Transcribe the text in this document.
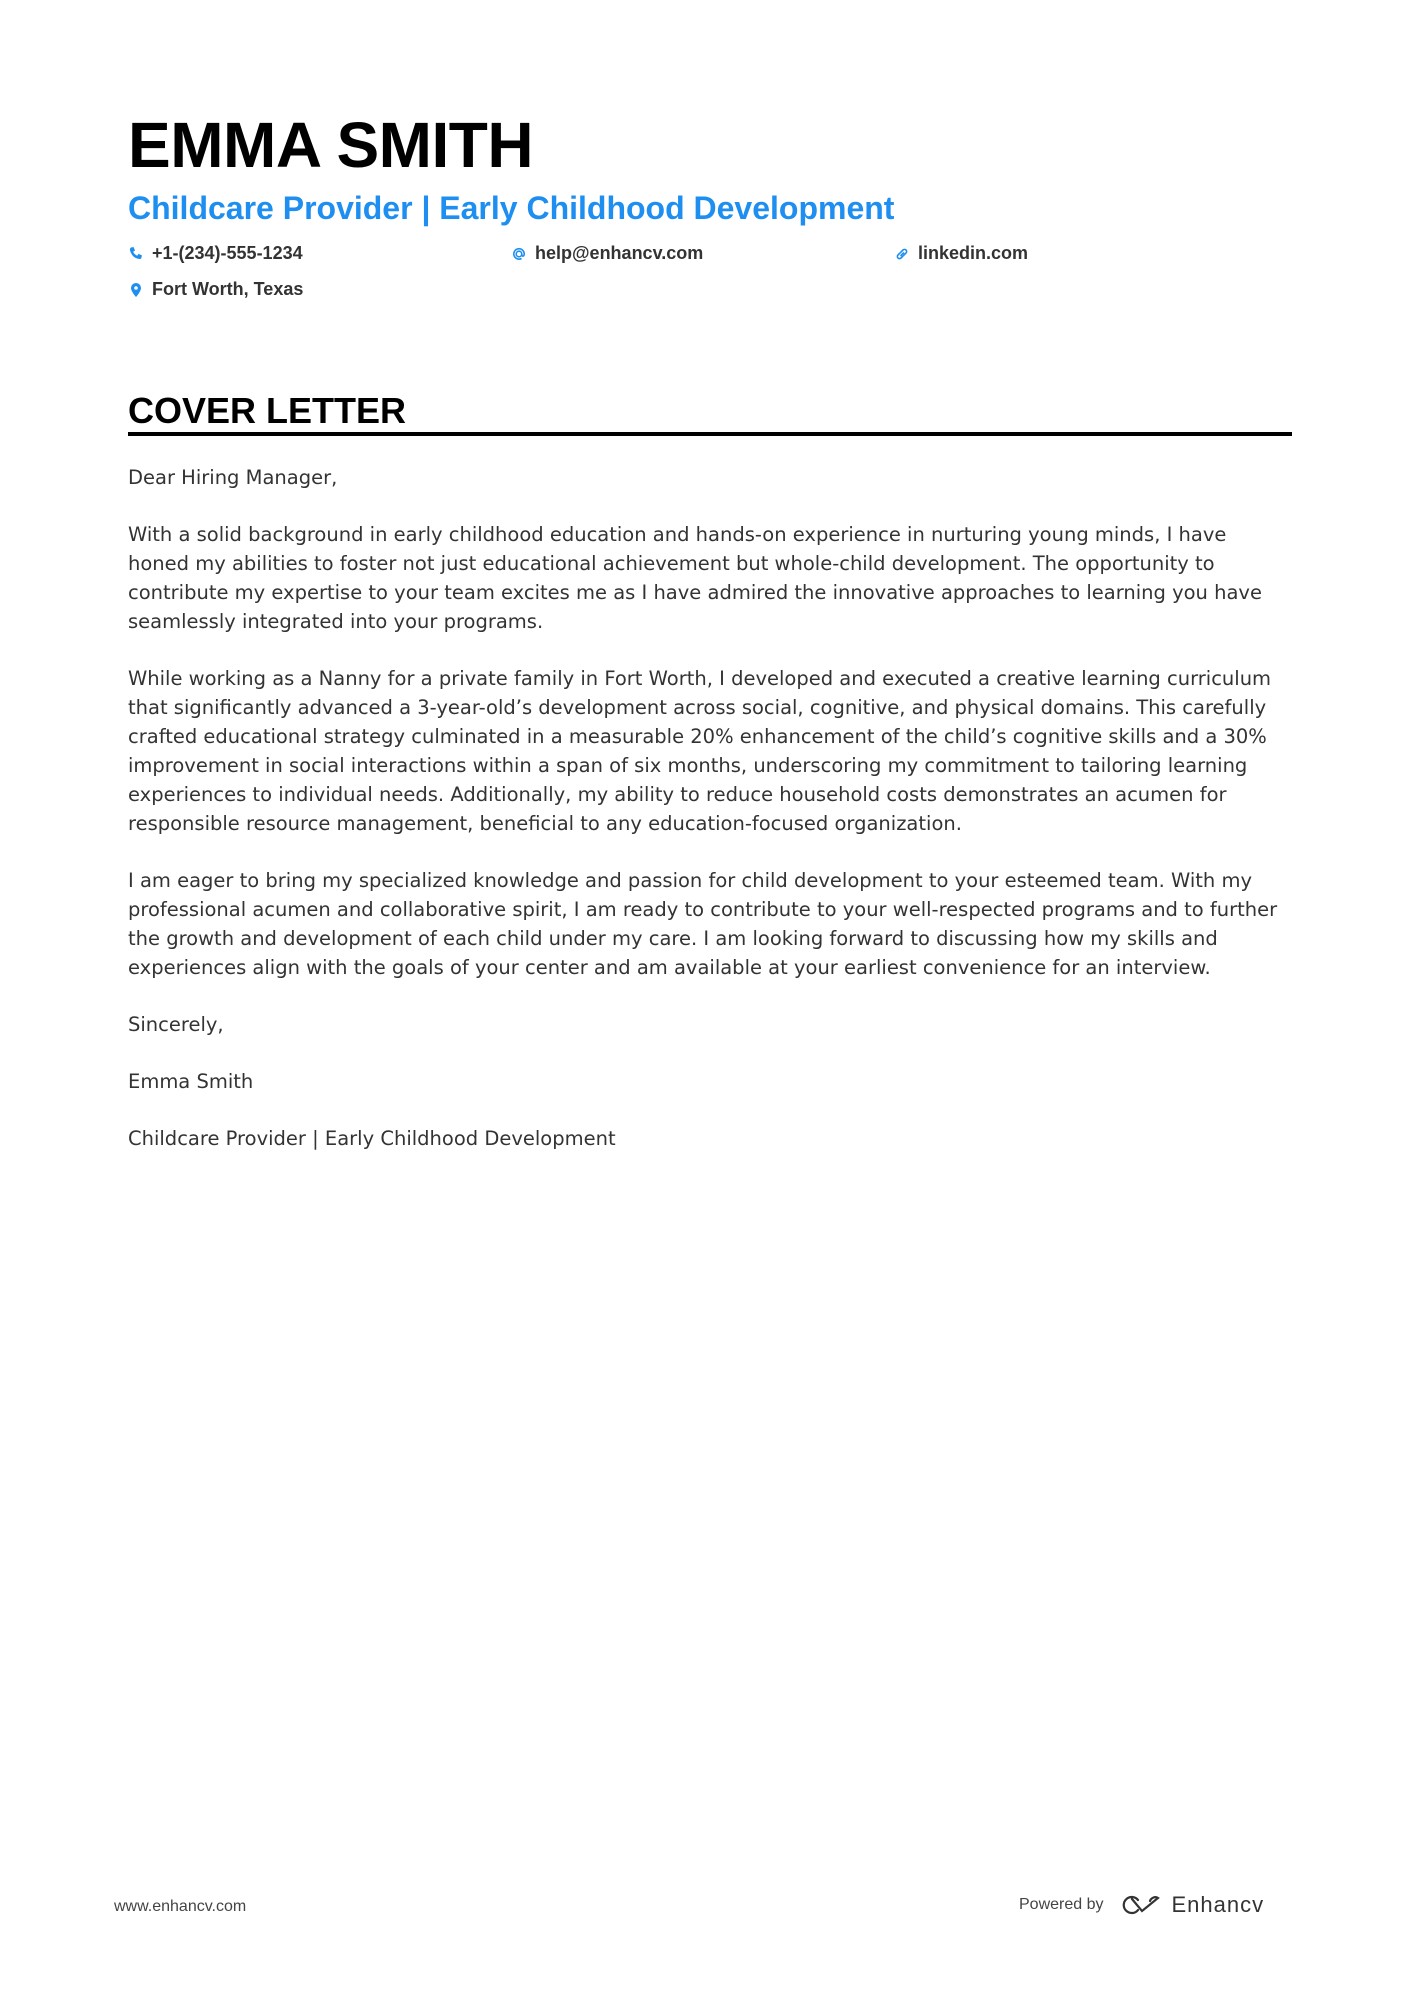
EMMA SMITH
Childcare Provider | Early Childhood Development
+1-(234)-555-1234	help@enhancv.com	linkedin.com
Fort Worth, Texas
COVER LETTER

Dear Hiring Manager,

With a solid background in early childhood education and hands-on experience in nurturing young minds, I have honed my abilities to foster not just educational achievement but whole-child development. The opportunity to contribute my expertise to your team excites me as I have admired the innovative approaches to learning you have seamlessly integrated into your programs.

While working as a Nanny for a private family in Fort Worth, I developed and executed a creative learning curriculum that significantly advanced a 3-year-old’s development across social, cognitive, and physical domains. This carefully crafted educational strategy culminated in a measurable 20% enhancement of the child’s cognitive skills and a 30% improvement in social interactions within a span of six months, underscoring my commitment to tailoring learning experiences to individual needs. Additionally, my ability to reduce household costs demonstrates an acumen for responsible resource management, beneficial to any education-focused organization.

I am eager to bring my specialized knowledge and passion for child development to your esteemed team. With my professional acumen and collaborative spirit, I am ready to contribute to your well-respected programs and to further the growth and development of each child under my care. I am looking forward to discussing how my skills and experiences align with the goals of your center and am available at your earliest convenience for an interview.

Sincerely,

Emma Smith

Childcare Provider | Early Childhood Development

www.enhancv.com	Powered by	Enhancv
